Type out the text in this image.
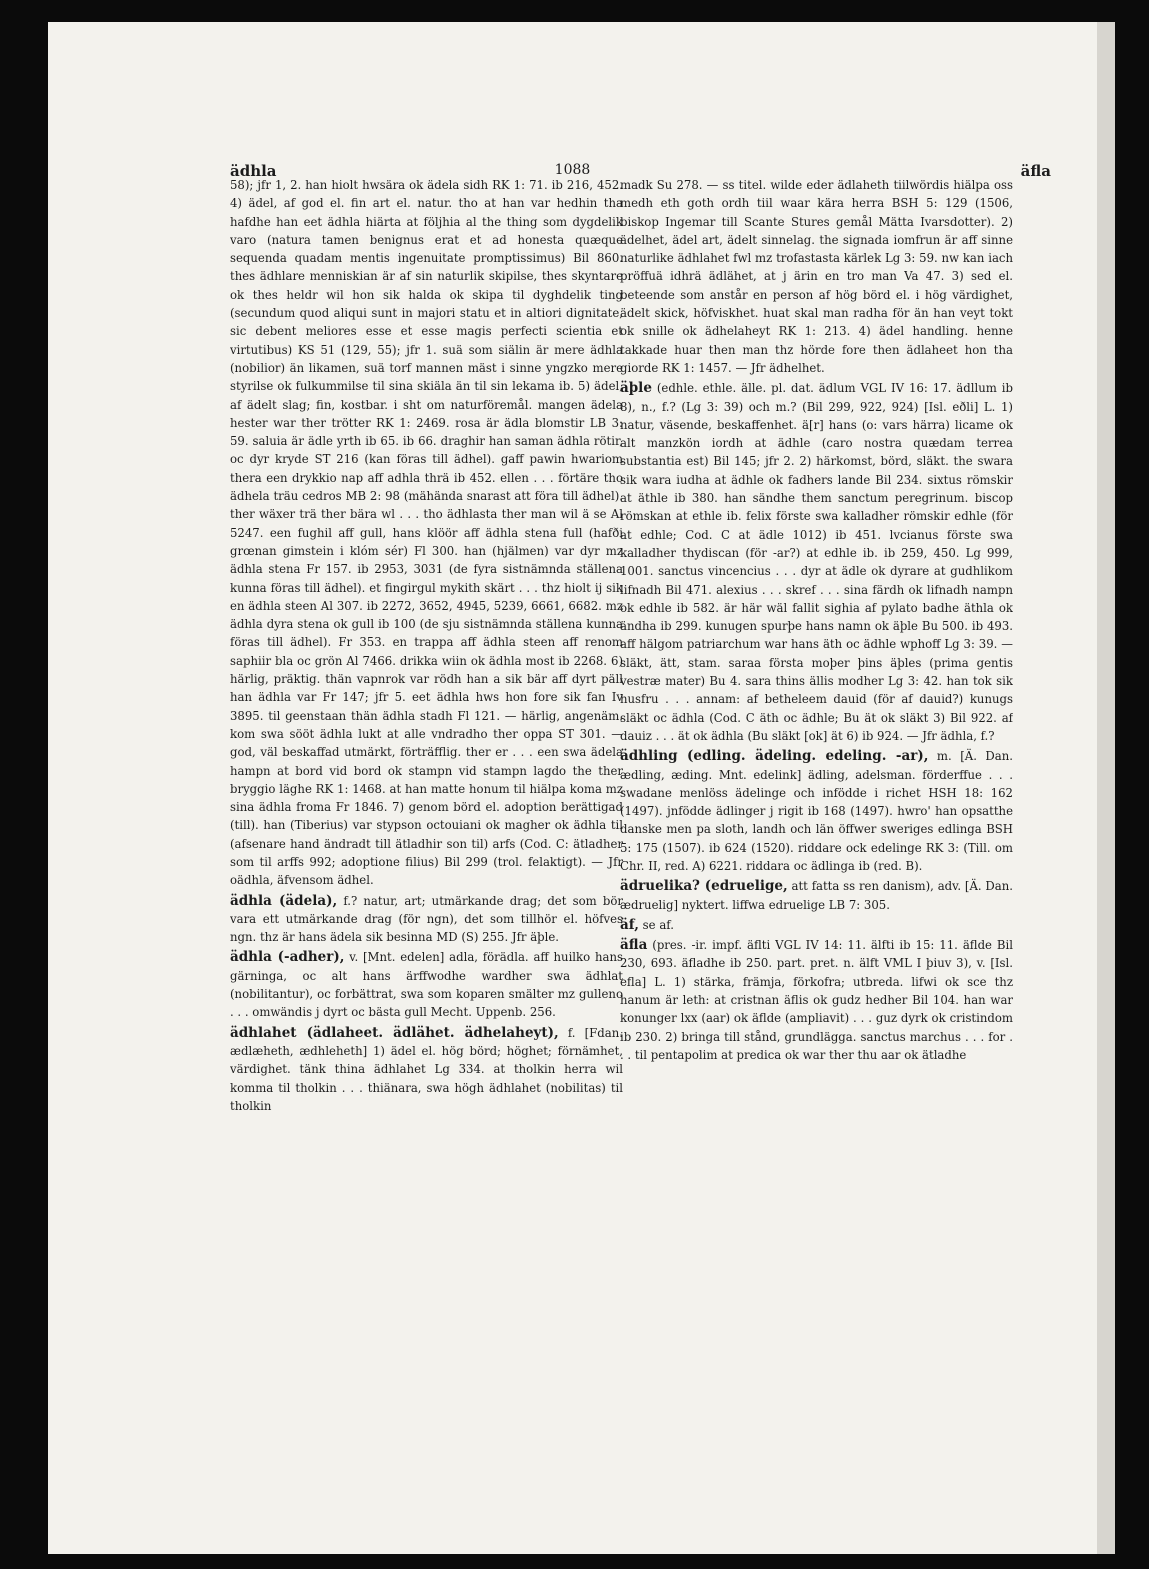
ädhla	1088	äfla

58); jfr 1, 2. han hiolt hwsära ok ädela sidh RK 1: 71. ib 216, 452. 4) ädel, af god el. fin art el. natur. tho at han var hedhin tha hafdhe han eet ädhla hiärta at följhia al the thing som dygdelik varo (natura tamen benignus erat et ad honesta quæque sequenda quadam mentis ingenuitate promptissimus) Bil 860. thes ädhlare menniskian är af sin naturlik skipilse, thes skyntare ok thes heldr wil hon sik halda ok skipa til dyghdelik ting (secundum quod aliqui sunt in majori statu et in altiori dignitate, sic debent meliores esse et esse magis perfecti scientia et virtutibus) KS 51 (129, 55); jfr 1. suä som siälin är mere ädhla (nobilior) än likamen, suä torf mannen mäst i sinne yngzko mere styrilse ok fulkummilse til sina skiäla än til sin lekama ib. 5) ädel, af ädelt slag; fin, kostbar. i sht om naturföremål. mangen ädela hester war ther trötter RK 1: 2469. rosa är ädla blomstir LB 3: 59. saluia är ädle yrth ib 65. ib 66. draghir han saman ädhla rötir, oc dyr kryde ST 216 (kan föras till ädhel). gaff pawin hwariom thera een drykkio nap aff adhla thrä ib 452. ellen . . . förtäre tho ädhela träu cedros MB 2: 98 (mähända snarast att föra till ädhel). ther wäxer trä ther bära wl . . . tho ädhlasta ther man wil ä se Al 5247. een fughil aff gull, hans klöör aff ädhla stena full (hafði grœnan gimstein i klóm sér) Fl 300. han (hjälmen) var dyr mz ädhla stena Fr 157. ib 2953, 3031 (de fyra sistnämnda ställena kunna föras till ädhel). et fingirgul mykith skärt . . . thz hiolt ij sik en ädhla steen Al 307. ib 2272, 3652, 4945, 5239, 6661, 6682. mz ädhla dyra stena ok gull ib 100 (de sju sistnämnda ställena kunna föras till ädhel). Fr 353. en trappa aff ädhla steen aff renom saphiir bla oc grön Al 7466. drikka wiin ok ädhla most ib 2268. 6) härlig, präktig. thän vapnrok var rödh han a sik bär aff dyrt päll han ädhla var Fr 147; jfr 5. eet ädhla hws hon fore sik fan Iv 3895. til geenstaan thän ädhla stadh Fl 121. — härlig, angenäm. kom swa sööt ädhla lukt at alle vndradho ther oppa ST 301. — god, väl beskaffad utmärkt, förträfflig. ther er . . . een swa ädela hampn at bord vid bord ok stampn vid stampn lagdo the ther bryggio läghe RK 1: 1468. at han matte honum til hiälpa koma mz sina ädhla froma Fr 1846. 7) genom börd el. adoption berättigad (till). han (Tiberius) var stypson octouiani ok magher ok ädhla til (afsenare hand ändradt till ätladhir son til) arfs (Cod. C: ätladher som til arffs 992; adoptione filius) Bil 299 (trol. felaktigt). — Jfr oädhla, äfvensom ädhel.

ädhla (ädela), f.? natur, art; utmärkande drag; det som bör vara ett utmärkande drag (för ngn), det som tillhör el. höfves ngn. thz är hans ädela sik besinna MD (S) 255. Jfr äþle.

ädhla (-adher), v. [Mnt. edelen] adla, förädla. aff huilko hans gärninga, oc alt hans ärffwodhe wardher swa ädhlat (nobilitantur), oc forbättrat, swa som koparen smälter mz gulleno . . . omwändis j dyrt oc bästa gull Mecht. Uppenb. 256.

ädhlahet (ädlaheet. ädlähet. ädhelaheyt), f. [Fdan. ædlæheth, ædhleheth] 1) ädel el. hög börd; höghet; förnämhet, värdighet. tänk thina ädhlahet Lg 334. at tholkin herra wil komma til tholkin . . . thiänara, swa högh ädhlahet (nobilitas) til tholkin

madk Su 278. — ss titel. wilde eder ädlaheth tiilwördis hiälpa oss medh eth goth ordh tiil waar kära herra BSH 5: 129 (1506, biskop Ingemar till Scante Stures gemål Mätta Ivarsdotter). 2) ädelhet, ädel art, ädelt sinnelag. the signada iomfrun är aff sinne naturlike ädhlahet fwl mz trofastasta kärlek Lg 3: 59. nw kan iach pröffuä idhrä ädlähet, at j ärin en tro man Va 47. 3) sed el. beteende som anstår en person af hög börd el. i hög värdighet, ädelt skick, höfviskhet. huat skal man radha för än han veyt tokt ok snille ok ädhelaheyt RK 1: 213. 4) ädel handling. henne takkade huar then man thz hörde fore then ädlaheet hon tha giorde RK 1: 1457. — Jfr ädhelhet.

äþle (edhle. ethle. älle. pl. dat. ädlum VGL IV 16: 17. ädllum ib 8), n., f.? (Lg 3: 39) och m.? (Bil 299, 922, 924) [Isl. eðli] L. 1) natur, väsende, beskaffenhet. ä[r] hans (o: vars härra) licame ok alt manzkön iordh at ädhle (caro nostra quædam terrea substantia est) Bil 145; jfr 2. 2) härkomst, börd, släkt. the swara sik wara iudha at ädhle ok fadhers lande Bil 234. sixtus römskir at äthle ib 380. han sändhe them sanctum peregrinum. biscop römskan at ethle ib. felix förste swa kalladher römskir edhle (för at edhle; Cod. C at ädle 1012) ib 451. lvcianus förste swa kalladher thydiscan (för -ar?) at edhle ib. ib 259, 450. Lg 999, 1001. sanctus vincencius . . . dyr at ädle ok dyrare at gudhlikom lifnadh Bil 471. alexius . . . skref . . . sina färdh ok lifnadh nampn ok edhle ib 582. är här wäl fallit sighia af pylato badhe äthla ok ändha ib 299. kunugen spurþe hans namn ok äþle Bu 500. ib 493. aff hälgom patriarchum war hans äth oc ädhle wphoff Lg 3: 39. — släkt, ätt, stam. saraa första moþer þins äþles (prima gentis vestræ mater) Bu 4. sara thins ällis modher Lg 3: 42. han tok sik husfru . . . annam: af betheleem dauid (för af dauid?) kunugs släkt oc ädhla (Cod. C äth oc ädhle; Bu ät ok släkt 3) Bil 922. af dauiz . . . ät ok ädhla (Bu släkt [ok] ät 6) ib 924. — Jfr ädhla, f.?

ädhling (edling. ädeling. edeling. -ar), m. [Ä. Dan. ædling, æding. Mnt. edelink] ädling, adelsman. förderffue . . . swadane menlöss ädelinge och infödde i richet HSH 18: 162 (1497). jnfödde ädlinger j rigit ib 168 (1497). hwro' han opsatthe danske men pa sloth, landh och län öffwer sweriges edlinga BSH 5: 175 (1507). ib 624 (1520). riddare ock edelinge RK 3: (Till. om Chr. II, red. A) 6221. riddara oc ädlinga ib (red. B).

ädruelika? (edruelige, att fatta ss ren danism), adv. [Ä. Dan. ædruelig] nyktert. liffwa edruelige LB 7: 305.

äf, se af.

äfla (pres. -ir. impf. äflti VGL IV 14: 11. älfti ib 15: 11. äflde Bil 230, 693. äfladhe ib 250. part. pret. n. älft VML I þiuv 3), v. [Isl. efla] L. 1) stärka, främja, förkofra; utbreda. lifwi ok sce thz hanum är leth: at cristnan äflis ok gudz hedher Bil 104. han war konunger lxx (aar) ok äflde (ampliavit) . . . guz dyrk ok cristindom ib 230. 2) bringa till stånd, grundlägga. sanctus marchus . . . for . . . til pentapolim at predica ok war ther thu aar ok ätladhe
